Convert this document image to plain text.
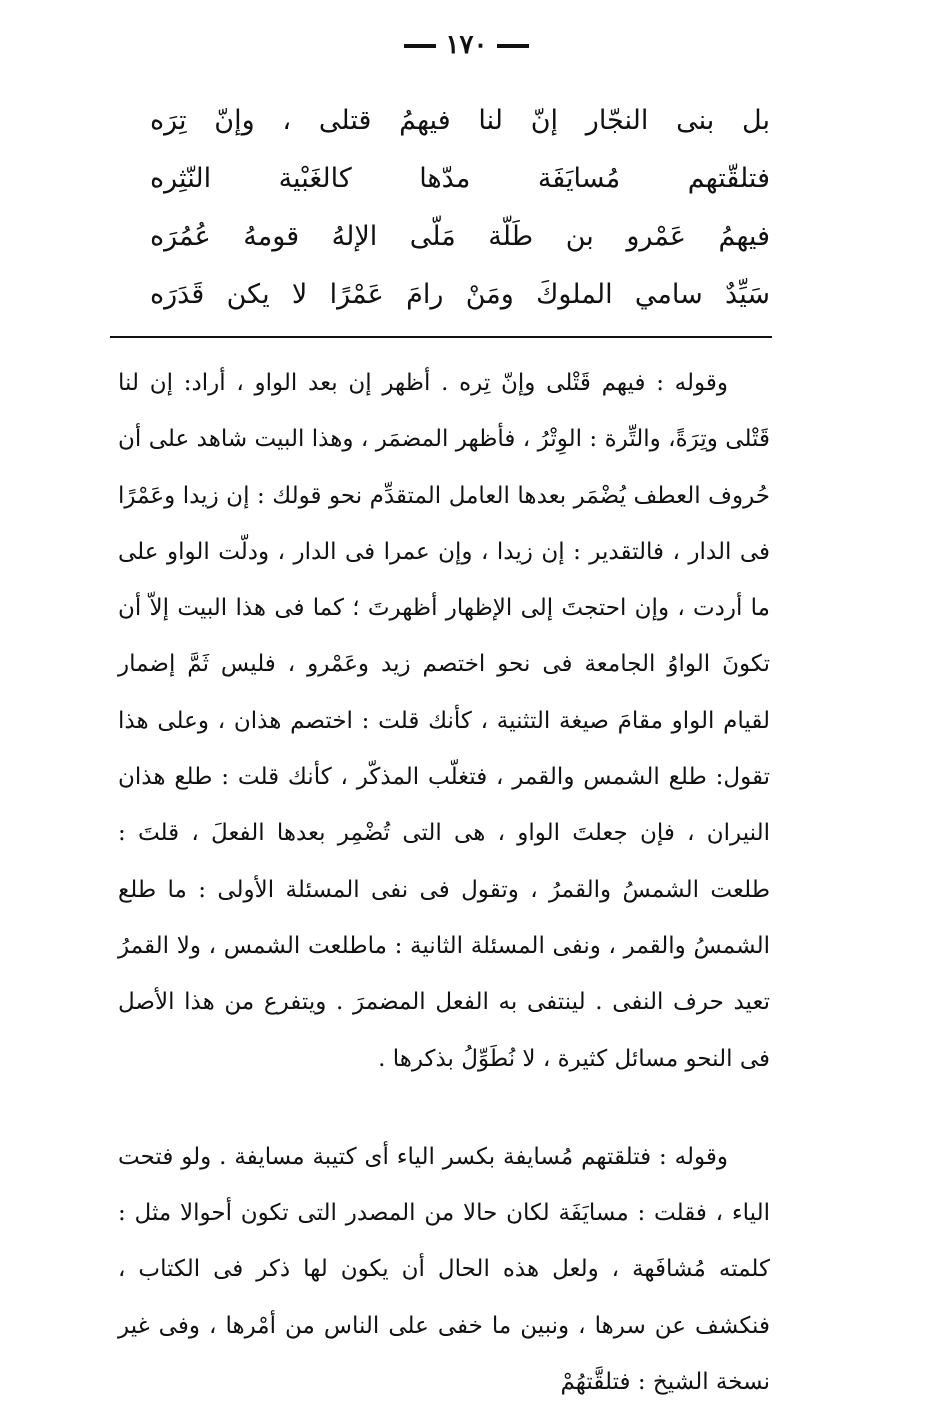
١٧٠
بل بنى النجّار إنّ لنا فيهمُ قتلى ، وإنّ تِرَه
فتلقّتهم مُسايَفَة مدّها كالغَبْية النّثِره
فيهمُ عَمْرو بن طَلّة مَلّى الإلهُ قومهُ عُمُرَه
سَيِّدٌ سامي الملوكَ ومَنْ رامَ عَمْرًا لا يكن قَدَرَه

وقوله : فيهم قَتْلى وإنّ تِره . أظهر إن بعد الواو ، أراد: إن لنا قَتْلى وتِرَةً، والتِّرة : الوِتْرُ ، فأظهر المضمَر ، وهذا البيت شاهد على أن حُروف العطف يُضْمَر بعدها العامل المتقدِّم نحو قولك : إن زيدا وعَمْرًا فى الدار ، فالتقدير : إن زيدا ، وإن عمرا فى الدار ، ودلّت الواو على ما أردت ، وإن احتجتَ إلى الإظهار أظهرتَ ؛ كما فى هذا البيت إلاّ أن تكونَ الواوُ الجامعة فى نحو اختصم زيد وعَمْرو ، فليس ثَمَّ إضمار لقيام الواو مقامَ صيغة التثنية ، كأنك قلت : اختصم هذان ، وعلى هذا تقول: طلع الشمس والقمر ، فتغلّب المذكّر ، كأنك قلت : طلع هذان النيران ، فإن جعلتَ الواو ، هى التى تُضْمِر بعدها الفعلَ ، قلتَ : طلعت الشمسُ والقمرُ ، وتقول فى نفى المسئلة الأولى : ما طلع الشمسُ والقمر ، ونفى المسئلة الثانية : ماطلعت الشمس ، ولا القمرُ تعيد حرف النفى . لينتفى به الفعل المضمرَ . ويتفرع من هذا الأصل فى النحو مسائل كثيرة ، لا نُطَوِّلُ بذكرها .

وقوله : فتلقتهم مُسايفة بكسر الياء أى كتيبة مسايفة . ولو فتحت الياء ، فقلت : مسايَفَة لكان حالا من المصدر التى تكون أحوالا مثل : كلمته مُشافَهة ، ولعل هذه الحال أن يكون لها ذكر فى الكتاب ، فنكشف عن سرها ، ونبين ما خفى على الناس من أمْرها ، وفى غير نسخة الشيخ : فتلقَّتهُمْ
